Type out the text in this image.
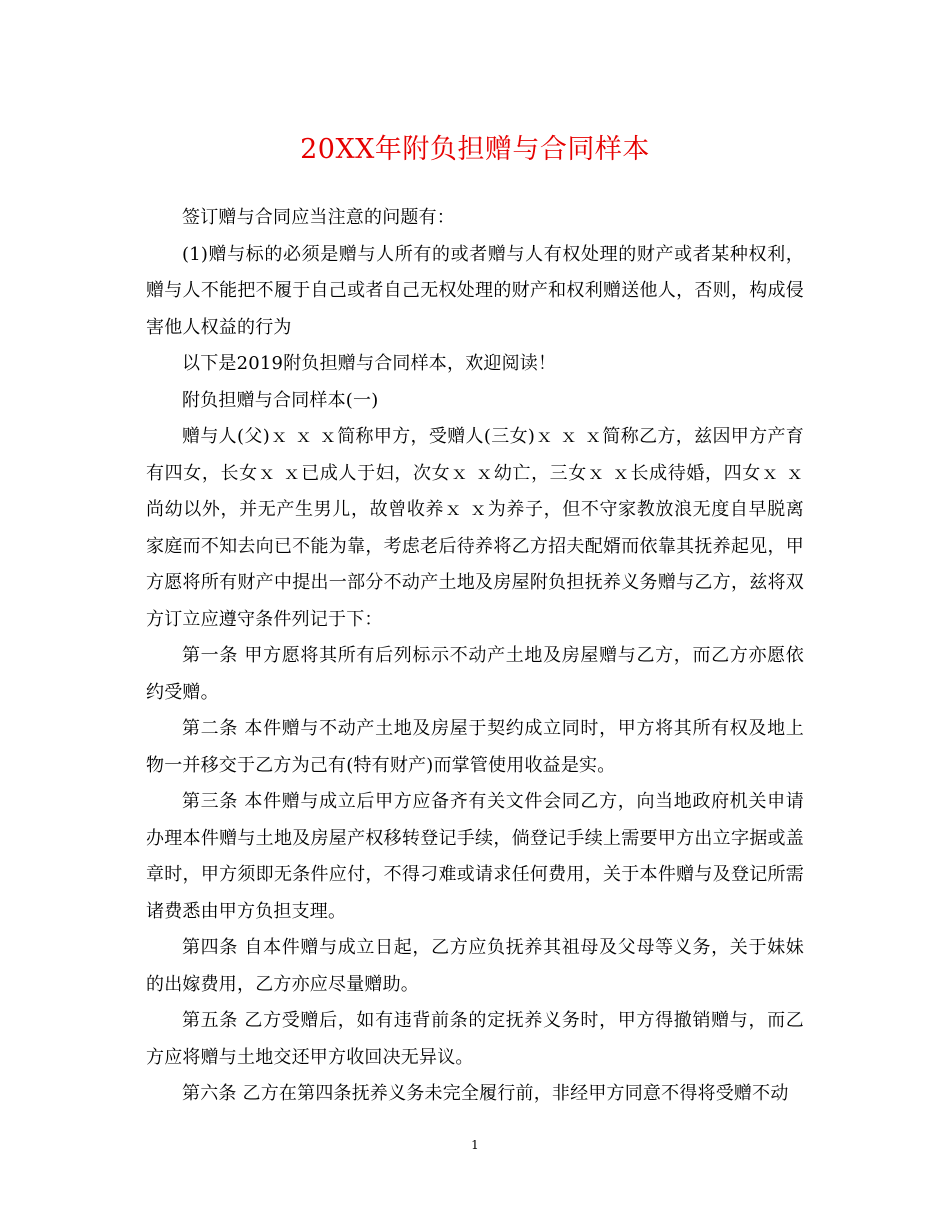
20XX年附负担赠与合同样本

签订赠与合同应当注意的问题有：

(1)赠与标的必须是赠与人所有的或者赠与人有权处理的财产或者某种权利，赠与人不能把不履于自己或者自己无权处理的财产和权利赠送他人，否则，构成侵害他人权益的行为

以下是2019附负担赠与合同样本，欢迎阅读！

附负担赠与合同样本(一)

赠与人(父)ｘ ｘ ｘ简称甲方，受赠人(三女)ｘ ｘ ｘ简称乙方，兹因甲方产育有四女，长女ｘ ｘ已成人于妇，次女ｘ ｘ幼亡，三女ｘ ｘ长成待婚，四女ｘ ｘ尚幼以外，并无产生男儿，故曾收养ｘ ｘ为养子，但不守家教放浪无度自早脱离家庭而不知去向已不能为靠，考虑老后待养将乙方招夫配婿而依靠其抚养起见，甲方愿将所有财产中提出一部分不动产土地及房屋附负担抚养义务赠与乙方，兹将双方订立应遵守条件列记于下：

第一条 甲方愿将其所有后列标示不动产土地及房屋赠与乙方，而乙方亦愿依约受赠。

第二条 本件赠与不动产土地及房屋于契约成立同时，甲方将其所有权及地上物一并移交于乙方为己有(特有财产)而掌管使用收益是实。

第三条 本件赠与成立后甲方应备齐有关文件会同乙方，向当地政府机关申请办理本件赠与土地及房屋产权移转登记手续，倘登记手续上需要甲方出立字据或盖章时，甲方须即无条件应付，不得刁难或请求任何费用，关于本件赠与及登记所需诸费悉由甲方负担支理。

第四条 自本件赠与成立日起，乙方应负抚养其祖母及父母等义务，关于妹妹的出嫁费用，乙方亦应尽量赠助。

第五条 乙方受赠后，如有违背前条的定抚养义务时，甲方得撤销赠与，而乙方应将赠与土地交还甲方收回决无异议。

第六条 乙方在第四条抚养义务未完全履行前，非经甲方同意不得将受赠不动

1
